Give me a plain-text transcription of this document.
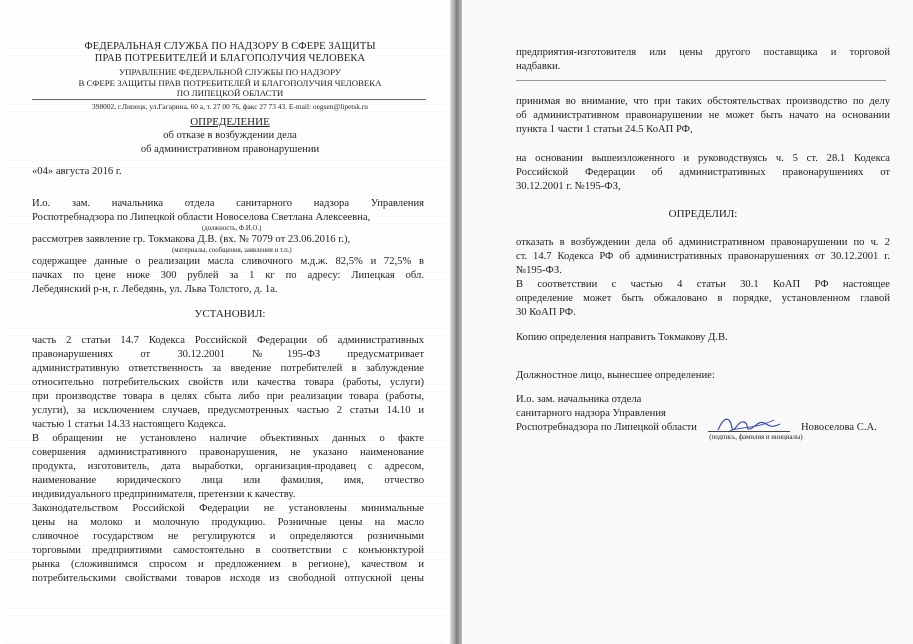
ФЕДЕРАЛЬНАЯ СЛУЖБА ПО НАДЗОРУ В СФЕРЕ ЗАЩИТЫ
ПРАВ ПОТРЕБИТЕЛЕЙ И БЛАГОПОЛУЧИЯ ЧЕЛОВЕКА
УПРАВЛЕНИЕ ФЕДЕРАЛЬНОЙ СЛУЖБЫ ПО НАДЗОРУ
В СФЕРЕ ЗАЩИТЫ ПРАВ ПОТРЕБИТЕЛЕЙ И БЛАГОПОЛУЧИЯ ЧЕЛОВЕКА
ПО ЛИПЕЦКОЙ ОБЛАСТИ
398002, г.Липецк, ул.Гагарина, 60 а, т. 27 00 76, факс 27 73 43. E-mail: oegsen@lipetsk.ru
ОПРЕДЕЛЕНИЕ
об отказе в возбуждении дела
об административном правонарушении
«04» августа 2016 г.
И.о. зам. начальника отдела санитарного надзора Управления
Роспотребнадзора по Липецкой области Новоселова Светлана Алексеевна,
(должность, Ф.И.О.)
рассмотрев заявление гр. Токмакова Д.В. (вх. № 7079 от 23.06.2016 г.),
(материалы, сообщения, заявления и т.п.)
содержащее данные о реализации масла сливочного м.д.ж. 82,5% и 72,5% в
пачках по цене ниже 300 рублей за 1 кг по адресу: Липецкая обл.
Лебедянский р-н, г. Лебедянь, ул. Льва Толстого, д. 1а.
УСТАНОВИЛ:
часть 2 статьи 14.7 Кодекса Российской Федерации об административных
правонарушениях от 30.12.2001 №195-ФЗ предусматривает
административную ответственность за введение потребителей в заблуждение
относительно потребительских свойств или качества товара (работы, услуги)
при производстве товара в целях сбыта либо при реализации товара (работы,
услуги), за исключением случаев, предусмотренных частью 2 статьи 14.10 и
частью 1 статьи 14.33 настоящего Кодекса.
В обращении не установлено наличие объективных данных о факте
совершения административного правонарушения, не указано наименование
продукта, изготовитель, дата выработки, организация-продавец с адресом,
наименование юридического лица или фамилия, имя, отчество
индивидуального предпринимателя, претензии к качеству.
Законодательством Российской Федерации не установлены минимальные
цены на молоко и молочную продукцию. Розничные цены на масло
сливочное государством не регулируются и определяются розничными
торговыми предприятиями самостоятельно в соответствии с конъюнктурой
рынка (сложившимся спросом и предложением в регионе), качеством и
потребительскими свойствами товаров исходя из свободной отпускной цены
предприятия-изготовителя или цены другого поставщика и торговой
надбавки.
принимая во внимание, что при таких обстоятельствах производство по делу
об административном правонарушении не может быть начато на основании
пункта 1 части 1 статьи 24.5 КоАП РФ,
на основании вышеизложенного и руководствуясь ч. 5 ст. 28.1 Кодекса
Российской Федерации об административных правонарушениях от
30.12.2001 г. №195-ФЗ,
ОПРЕДЕЛИЛ:
отказать в возбуждении дела об административном правонарушении по ч. 2
ст. 14.7 Кодекса РФ об административных правонарушениях от 30.12.2001 г.
№195-ФЗ.
В соответствии с частью 4 статьи 30.1 КоАП РФ настоящее
определение может быть обжаловано в порядке, установленном главой
30 КоАП РФ.
Копию определения направить Токмакову Д.В.
Должностное лицо, вынесшее определение:
И.о. зам. начальника отдела
санитарного надзора Управления
Роспотребнадзора по Липецкой области	Новоселова С.А.
(подпись, фамилия и инициалы)
